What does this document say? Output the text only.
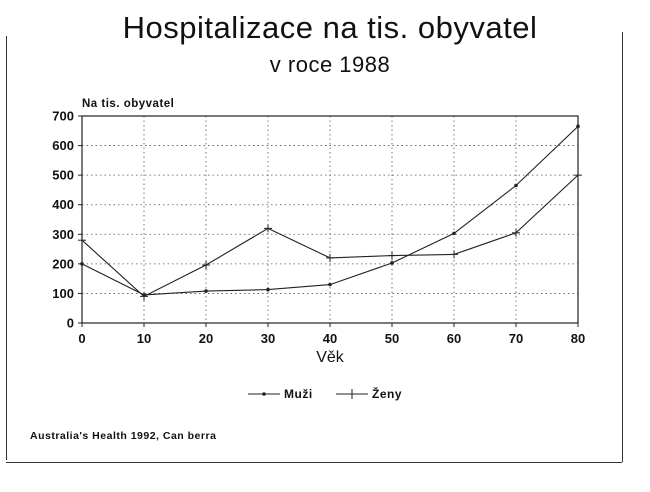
Hospitalizace na tis. obyvatel
v roce 1988
Na tis. obyvatel
0
100
200
300
400
500
600
700
0	10	20	30	40	50	60	70	80
Věk
Muži	Ženy
Australia's Health 1992, Can berra
